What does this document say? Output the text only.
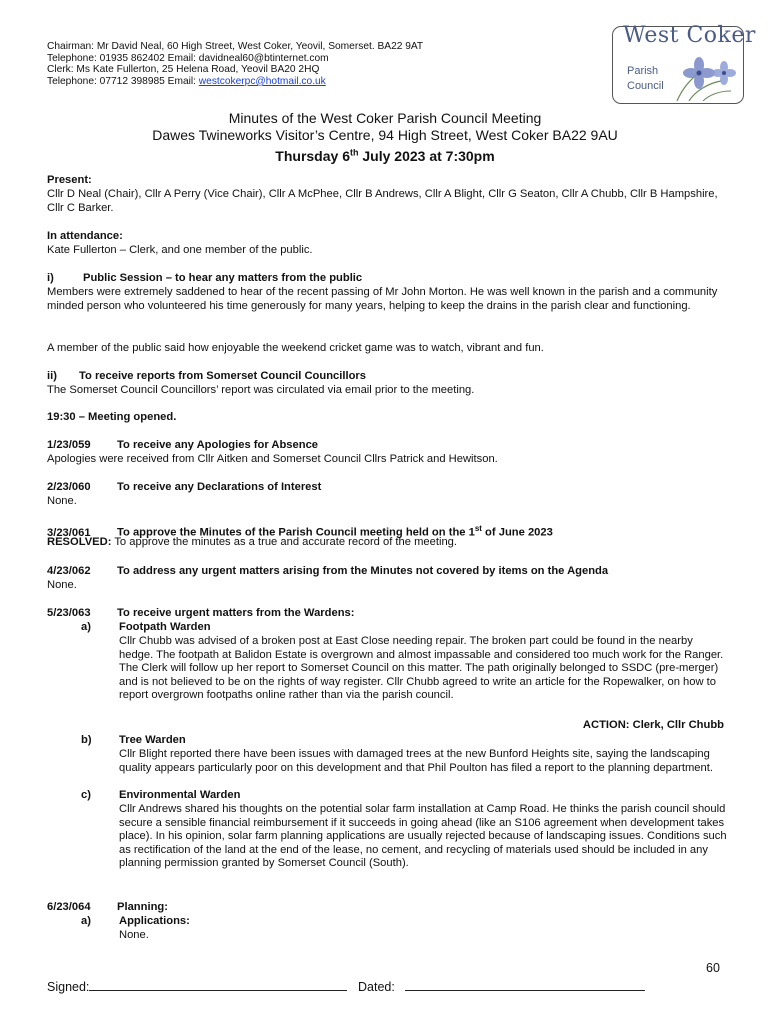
Chairman: Mr David Neal, 60 High Street, West Coker, Yeovil, Somerset. BA22 9AT
Telephone: 01935 862402 Email: davidneal60@btinternet.com
Clerk: Ms Kate Fullerton, 25 Helena Road, Yeovil BA20 2HQ
Telephone: 07712 398985 Email: westcokerpc@hotmail.co.uk
West Coker
Parish
Council
Minutes of the West Coker Parish Council Meeting
Dawes Twineworks Visitor’s Centre, 94 High Street, West Coker BA22 9AU
Thursday 6th July 2023 at 7:30pm
Present:
Cllr D Neal (Chair), Cllr A Perry (Vice Chair), Cllr A McPhee, Cllr B Andrews, Cllr A Blight, Cllr G Seaton, Cllr A Chubb, Cllr B Hampshire, Cllr C Barker.
In attendance:
Kate Fullerton – Clerk, and one member of the public.
i)	Public Session – to hear any matters from the public
Members were extremely saddened to hear of the recent passing of Mr John Morton. He was well known in the parish and a community minded person who volunteered his time generously for many years, helping to keep the drains in the parish clear and functioning.
A member of the public said how enjoyable the weekend cricket game was to watch, vibrant and fun.
ii) To receive reports from Somerset Council Councillors
The Somerset Council Councillors’ report was circulated via email prior to the meeting.
19:30 – Meeting opened.
1/23/059 To receive any Apologies for Absence
Apologies were received from Cllr Aitken and Somerset Council Cllrs Patrick and Hewitson.
2/23/060 To receive any Declarations of Interest
None.
3/23/061 To approve the Minutes of the Parish Council meeting held on the 1st of June 2023
RESOLVED: To approve the minutes as a true and accurate record of the meeting.
4/23/062 To address any urgent matters arising from the Minutes not covered by items on the Agenda
None.
5/23/063 To receive urgent matters from the Wardens:
a)	Footpath Warden
Cllr Chubb was advised of a broken post at East Close needing repair. The broken part could be found in the nearby hedge. The footpath at Balidon Estate is overgrown and almost impassable and considered too much work for the Ranger. The Clerk will follow up her report to Somerset Council on this matter. The path originally belonged to SSDC (pre-merger) and is not believed to be on the rights of way register. Cllr Chubb agreed to write an article for the Ropewalker, on how to report overgrown footpaths online rather than via the parish council.
ACTION: Clerk, Cllr Chubb
b) Tree Warden
Cllr Blight reported there have been issues with damaged trees at the new Bunford Heights site, saying the landscaping quality appears particularly poor on this development and that Phil Poulton has filed a report to the planning department.
c)	Environmental Warden
Cllr Andrews shared his thoughts on the potential solar farm installation at Camp Road. He thinks the parish council should secure a sensible financial reimbursement if it succeeds in going ahead (like an S106 agreement when development takes place). In his opinion, solar farm planning applications are usually rejected because of landscaping issues. Conditions such as rectification of the land at the end of the lease, no cement, and recycling of materials used should be included in any planning permission granted by Somerset Council (South).
6/23/064 Planning:
a)	Applications:
None.
60
Signed:	Dated:
